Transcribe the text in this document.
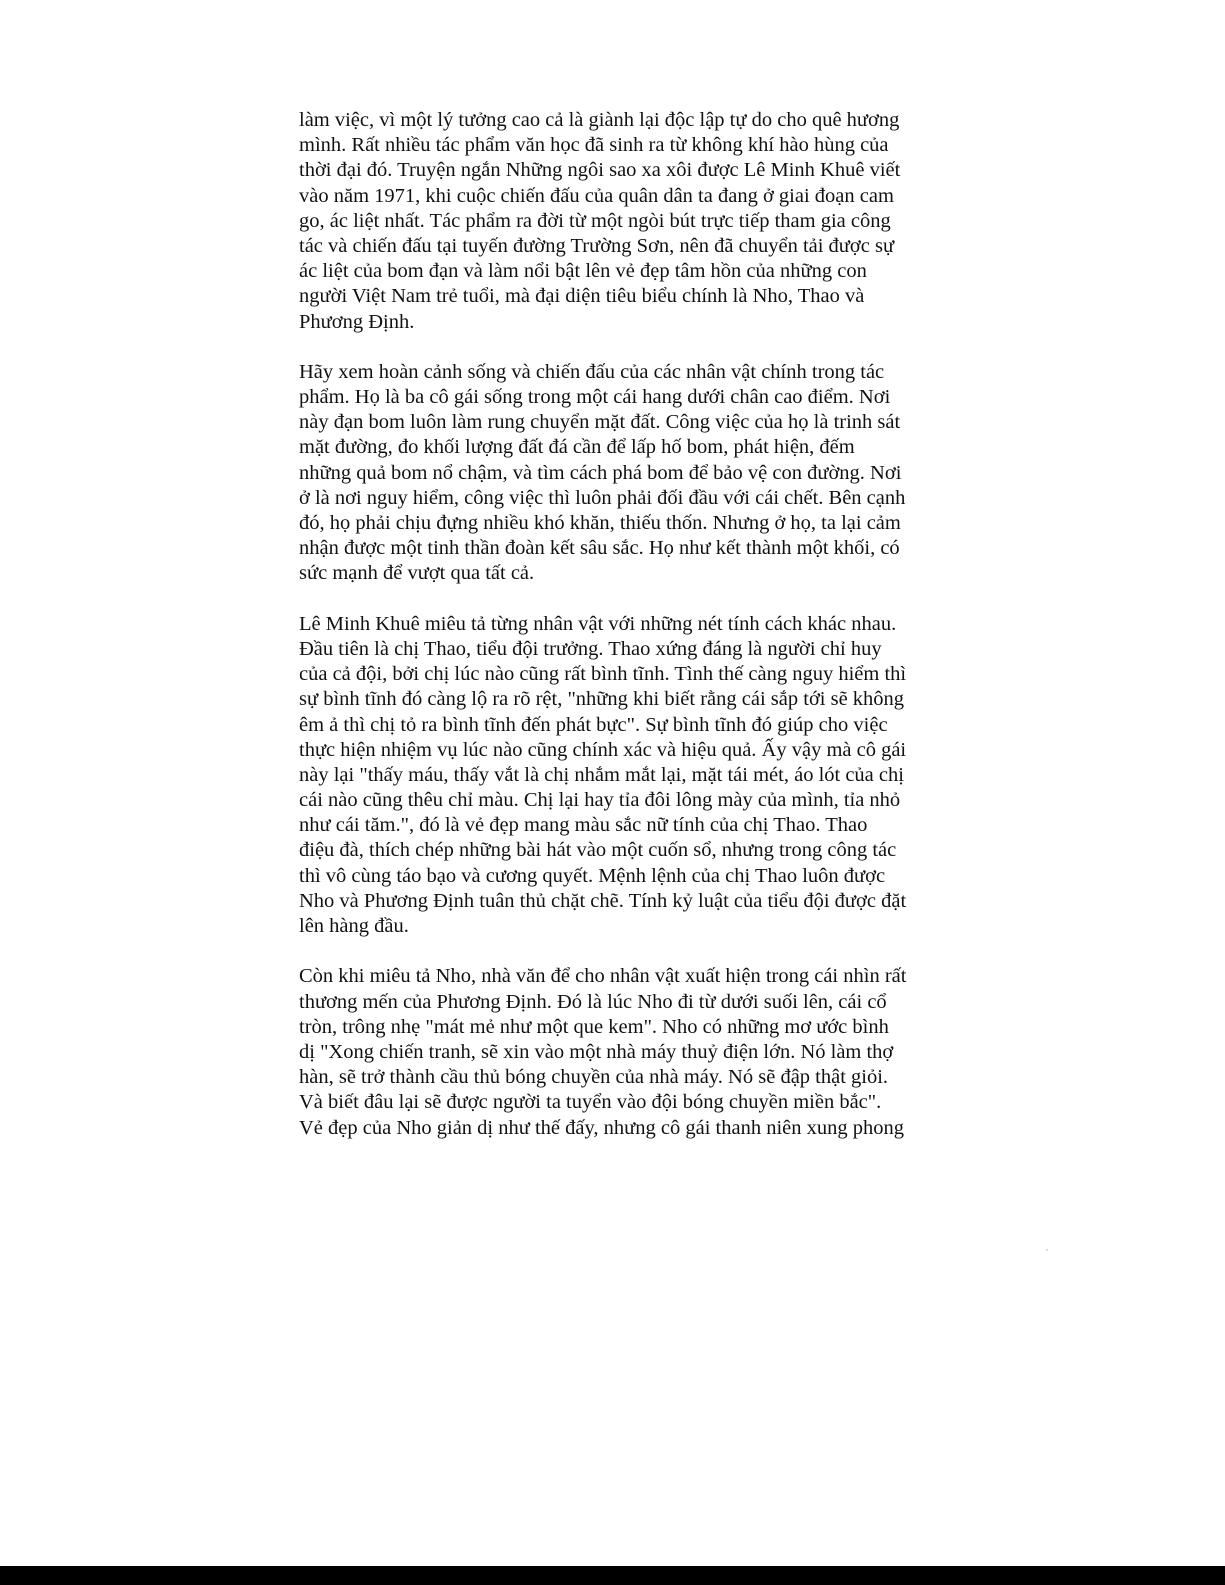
làm việc, vì một lý tưởng cao cả là giành lại độc lập tự do cho quê hương
mình. Rất nhiều tác phẩm văn học đã sinh ra từ không khí hào hùng của
thời đại đó. Truyện ngắn Những ngôi sao xa xôi được Lê Minh Khuê viết
vào năm 1971, khi cuộc chiến đấu của quân dân ta đang ở giai đoạn cam
go, ác liệt nhất. Tác phẩm ra đời từ một ngòi bút trực tiếp tham gia công
tác và chiến đấu tại tuyến đường Trường Sơn, nên đã chuyển tải được sự
ác liệt của bom đạn và làm nổi bật lên vẻ đẹp tâm hồn của những con
người Việt Nam trẻ tuổi, mà đại diện tiêu biểu chính là Nho, Thao và
Phương Định.
Hãy xem hoàn cảnh sống và chiến đấu của các nhân vật chính trong tác
phẩm. Họ là ba cô gái sống trong một cái hang dưới chân cao điểm. Nơi
này đạn bom luôn làm rung chuyển mặt đất. Công việc của họ là trinh sát
mặt đường, đo khối lượng đất đá cần để lấp hố bom, phát hiện, đếm
những quả bom nổ chậm, và tìm cách phá bom để bảo vệ con đường. Nơi
ở là nơi nguy hiểm, công việc thì luôn phải đối đầu với cái chết. Bên cạnh
đó, họ phải chịu đựng nhiều khó khăn, thiếu thốn. Nhưng ở họ, ta lại cảm
nhận được một tinh thần đoàn kết sâu sắc. Họ như kết thành một khối, có
sức mạnh để vượt qua tất cả.
Lê Minh Khuê miêu tả từng nhân vật với những nét tính cách khác nhau.
Đầu tiên là chị Thao, tiểu đội trưởng. Thao xứng đáng là người chỉ huy
của cả đội, bởi chị lúc nào cũng rất bình tĩnh. Tình thế càng nguy hiểm thì
sự bình tĩnh đó càng lộ ra rõ rệt, "những khi biết rằng cái sắp tới sẽ không
êm ả thì chị tỏ ra bình tĩnh đến phát bực". Sự bình tĩnh đó giúp cho việc
thực hiện nhiệm vụ lúc nào cũng chính xác và hiệu quả. Ấy vậy mà cô gái
này lại "thấy máu, thấy vắt là chị nhắm mắt lại, mặt tái mét, áo lót của chị
cái nào cũng thêu chỉ màu. Chị lại hay tỉa đôi lông mày của mình, tỉa nhỏ
như cái tăm.", đó là vẻ đẹp mang màu sắc nữ tính của chị Thao. Thao
điệu đà, thích chép những bài hát vào một cuốn sổ, nhưng trong công tác
thì vô cùng táo bạo và cương quyết. Mệnh lệnh của chị Thao luôn được
Nho và Phương Định tuân thủ chặt chẽ. Tính kỷ luật của tiểu đội được đặt
lên hàng đầu.
Còn khi miêu tả Nho, nhà văn để cho nhân vật xuất hiện trong cái nhìn rất
thương mến của Phương Định. Đó là lúc Nho đi từ dưới suối lên, cái cổ
tròn, trông nhẹ "mát mẻ như một que kem". Nho có những mơ ước bình
dị "Xong chiến tranh, sẽ xin vào một nhà máy thuỷ điện lớn. Nó làm thợ
hàn, sẽ trở thành cầu thủ bóng chuyền của nhà máy. Nó sẽ đập thật giỏi.
Và biết đâu lại sẽ được người ta tuyển vào đội bóng chuyền miền bắc".
Vẻ đẹp của Nho giản dị như thế đấy, nhưng cô gái thanh niên xung phong
